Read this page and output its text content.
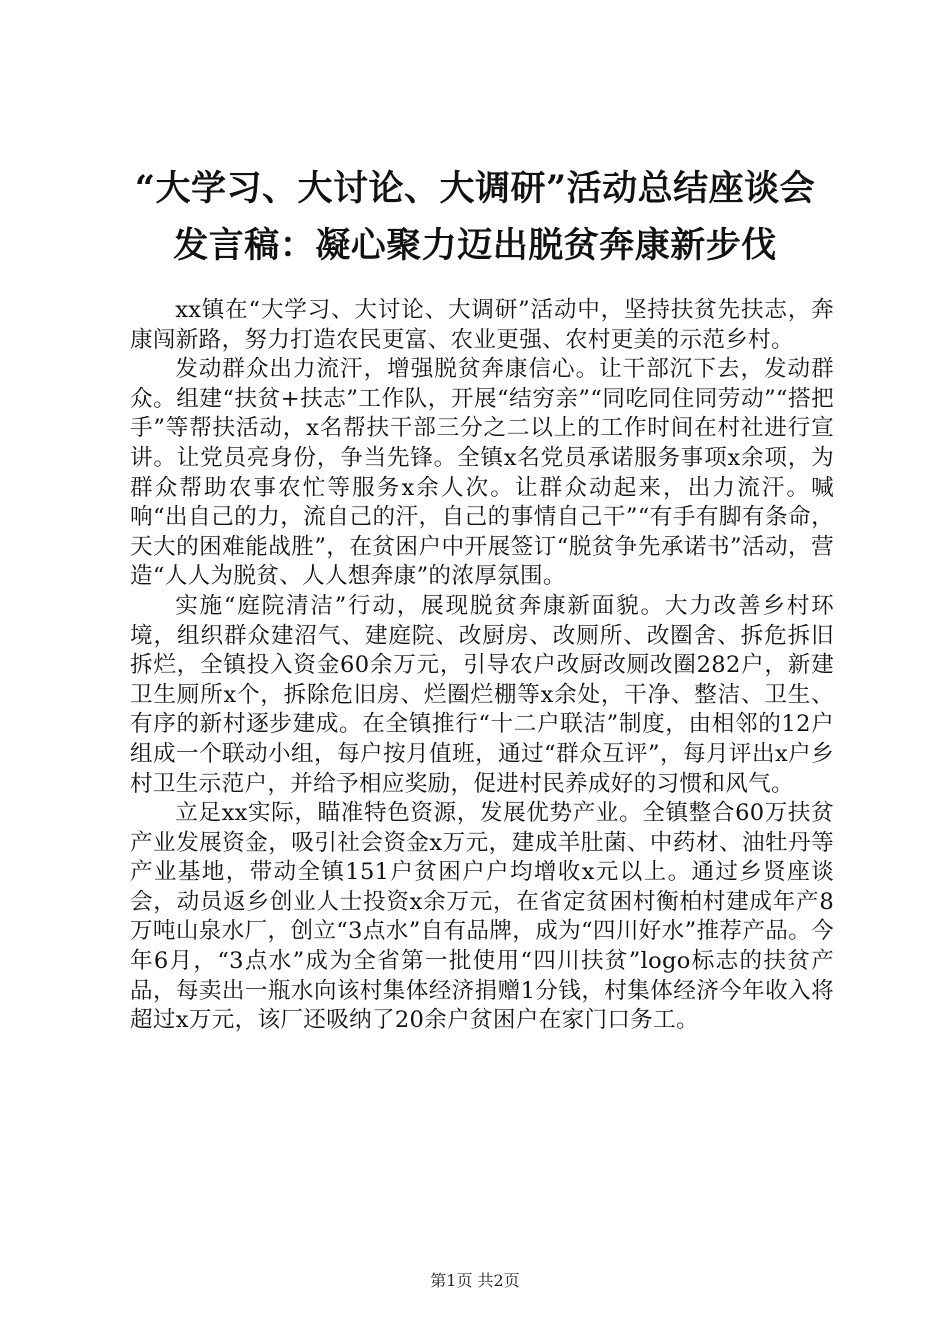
“大学习、大讨论、大调研”活动总结座谈会
发言稿：凝心聚力迈出脱贫奔康新步伐

xx镇在“大学习、大讨论、大调研”活动中，坚持扶贫先扶志，奔康闯新路，努力打造农民更富、农业更强、农村更美的示范乡村。

发动群众出力流汗，增强脱贫奔康信心。让干部沉下去，发动群众。组建“扶贫+扶志”工作队，开展“结穷亲”“同吃同住同劳动”“搭把手”等帮扶活动，x名帮扶干部三分之二以上的工作时间在村社进行宣讲。让党员亮身份，争当先锋。全镇x名党员承诺服务事项x余项，为群众帮助农事农忙等服务x余人次。让群众动起来，出力流汗。喊响“出自己的力，流自己的汗，自己的事情自己干”“有手有脚有条命，天大的困难能战胜”，在贫困户中开展签订“脱贫争先承诺书”活动，营造“人人为脱贫、人人想奔康”的浓厚氛围。

实施“庭院清洁”行动，展现脱贫奔康新面貌。大力改善乡村环境，组织群众建沼气、建庭院、改厨房、改厕所、改圈舍、拆危拆旧拆烂，全镇投入资金60余万元，引导农户改厨改厕改圈282户，新建卫生厕所x个，拆除危旧房、烂圈烂棚等x余处，干净、整洁、卫生、有序的新村逐步建成。在全镇推行“十二户联洁”制度，由相邻的12户组成一个联动小组，每户按月值班，通过“群众互评”，每月评出x户乡村卫生示范户，并给予相应奖励，促进村民养成好的习惯和风气。

立足xx实际，瞄准特色资源，发展优势产业。全镇整合60万扶贫产业发展资金，吸引社会资金x万元，建成羊肚菌、中药材、油牡丹等产业基地，带动全镇151户贫困户户均增收x元以上。通过乡贤座谈会，动员返乡创业人士投资x余万元，在省定贫困村衡柏村建成年产8万吨山泉水厂，创立“3点水”自有品牌，成为“四川好水”推荐产品。今年6月，“3点水”成为全省第一批使用“四川扶贫”logo标志的扶贫产品，每卖出一瓶水向该村集体经济捐赠1分钱，村集体经济今年收入将超过x万元，该厂还吸纳了20余户贫困户在家门口务工。

第1页 共2页
